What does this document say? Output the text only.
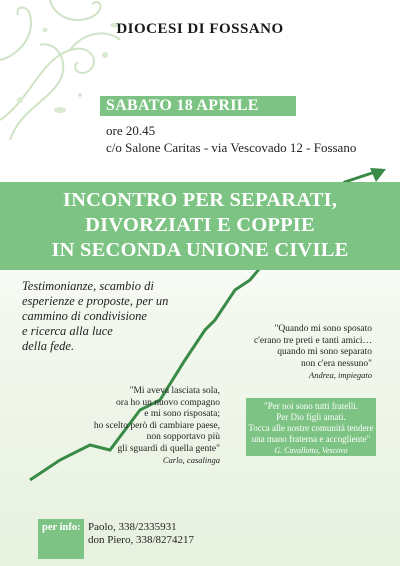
DIOCESI DI FOSSANO
SABATO 18 APRILE
ore 20.45
c/o Salone Caritas - via Vescovado 12 - Fossano
INCONTRO PER SEPARATI,
DIVORZIATI E COPPIE
IN SECONDA UNIONE CIVILE
Testimonianze, scambio di
esperienze e proposte, per un
cammino di condivisione
e ricerca alla luce
della fede.
"Quando mi sono sposato
c'erano tre preti e tanti amici…
quando mi sono separato
non c'era nessuno"
Andrea, impiegato
"Mi aveva lasciata sola,
ora ho un nuovo compagno
e mi sono risposata;
ho scelto però di cambiare paese,
non sopportavo più
gli sguardi di quella gente"
Carlo, casalinga
"Per noi sono tutti fratelli.
Per Dio figli amati.
Tocca alle nostre comunità tendere
una mano fraterna e accogliente"
G. Cavallotto, Vescovo
per info: Paolo, 338/2335931
don Piero, 338/8274217
